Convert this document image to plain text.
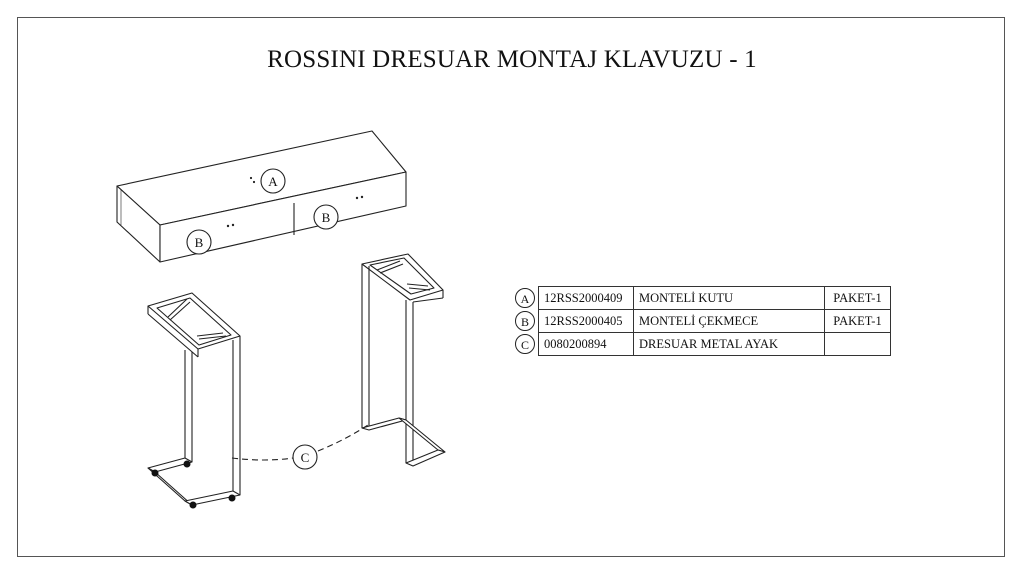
ROSSINI DRESUAR MONTAJ KLAVUZU - 1
A
B
B
C
A	12RSS2000409	MONTELİ KUTU	PAKET-1
B	12RSS2000405	MONTELİ ÇEKMECE	PAKET-1
C	0080200894	DRESUAR METAL AYAK	
